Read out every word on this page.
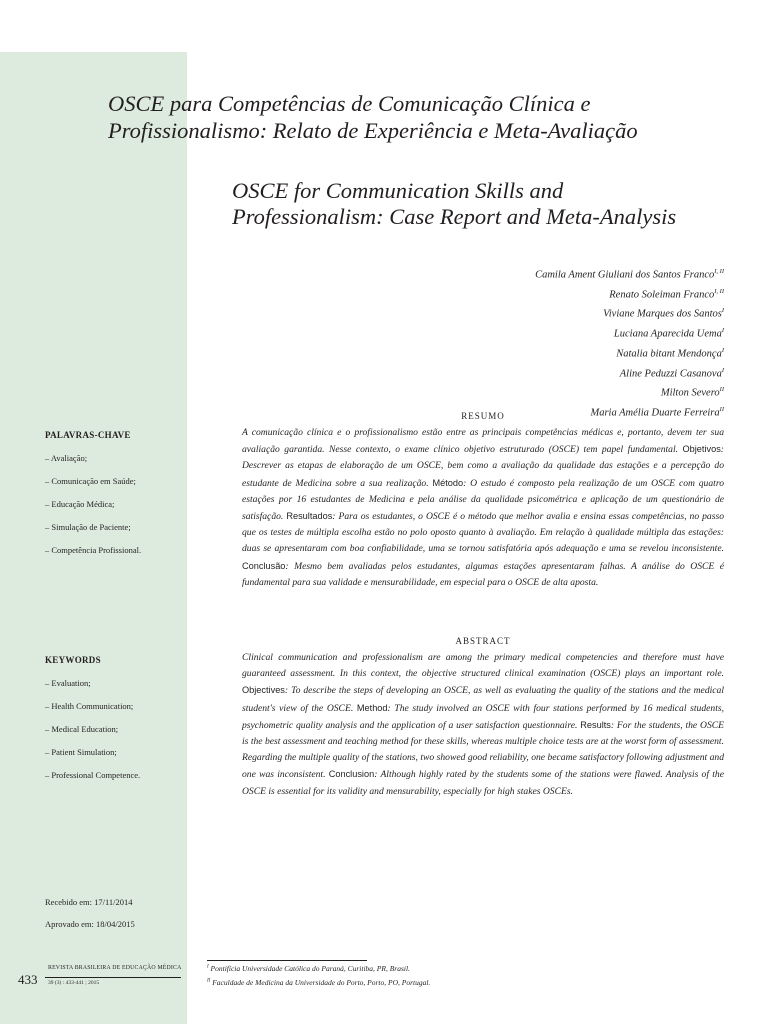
OSCE para Competências de Comunicação Clínica e Profissionalismo: Relato de Experiência e Meta-Avaliação
OSCE for Communication Skills and Professionalism: Case Report and Meta-Analysis
Camila Ament Giuliani dos Santos Franco$^{I, II}$
Renato Soleiman Franco$^{I, II}$
Viviane Marques dos Santos$^I$
Luciana Aparecida Uema$^I$
Natalia bitant Mendonça$^I$
Aline Peduzzi Casanova$^I$
Milton Severo$^{II}$
Maria Amélia Duarte Ferreira$^{II}$
PALAVRAS-CHAVE
– Avaliação;
– Comunicação em Saúde;
– Educação Médica;
– Simulação de Paciente;
– Competência Profissional.
KEYWORDS
– Evaluation;
– Health Communication;
– Medical Education;
– Patient Simulation;
– Professional Competence.
RESUMO
A comunicação clínica e o profissionalismo estão entre as principais competências médicas e, portanto, devem ter sua avaliação garantida. Nesse contexto, o exame clínico objetivo estruturado (OSCE) tem papel fundamental. Objetivos: Descrever as etapas de elaboração de um OSCE, bem como a avaliação da qualidade das estações e a percepção do estudante de Medicina sobre a sua realização. Método: O estudo é composto pela realização de um OSCE com quatro estações por 16 estudantes de Medicina e pela análise da qualidade psicométrica e aplicação de um questionário de satisfação. Resultados: Para os estudantes, o OSCE é o método que melhor avalia e ensina essas competências, no passo que os testes de múltipla escolha estão no polo oposto quanto à avaliação. Em relação à qualidade múltipla das estações: duas se apresentaram com boa confiabilidade, uma se tornou satisfatória após adequação e uma se revelou inconsistente. Conclusão: Mesmo bem avaliadas pelos estudantes, algumas estações apresentaram falhas. A análise do OSCE é fundamental para sua validade e mensurabilidade, em especial para o OSCE de alta aposta.
ABSTRACT
Clinical communication and professionalism are among the primary medical competencies and therefore must have guaranteed assessment. In this context, the objective structured clinical examination (OSCE) plays an important role. Objectives: To describe the steps of developing an OSCE, as well as evaluating the quality of the stations and the medical student's view of the OSCE. Method: The study involved an OSCE with four stations performed by 16 medical students, psychometric quality analysis and the application of a user satisfaction questionnaire. Results: For the students, the OSCE is the best assessment and teaching method for these skills, whereas multiple choice tests are at the worst form of assessment. Regarding the multiple quality of the stations, two showed good reliability, one became satisfactory following adjustment and one was inconsistent. Conclusion: Although highly rated by the students some of the stations were flawed. Analysis of the OSCE is essential for its validity and mensurability, especially for high stakes OSCEs.
Recebido em: 17/11/2014
Aprovado em: 18/04/2015
433
REVISTA BRASILEIRA DE EDUCAÇÃO MÉDICA
39 (3) : 433-441 ; 2015
$^I$ Pontifícia Universidade Católica do Paraná, Curitiba, PR, Brasil.
$^{II}$ Faculdade de Medicina da Universidade do Porto, Porto, PO, Portugal.
